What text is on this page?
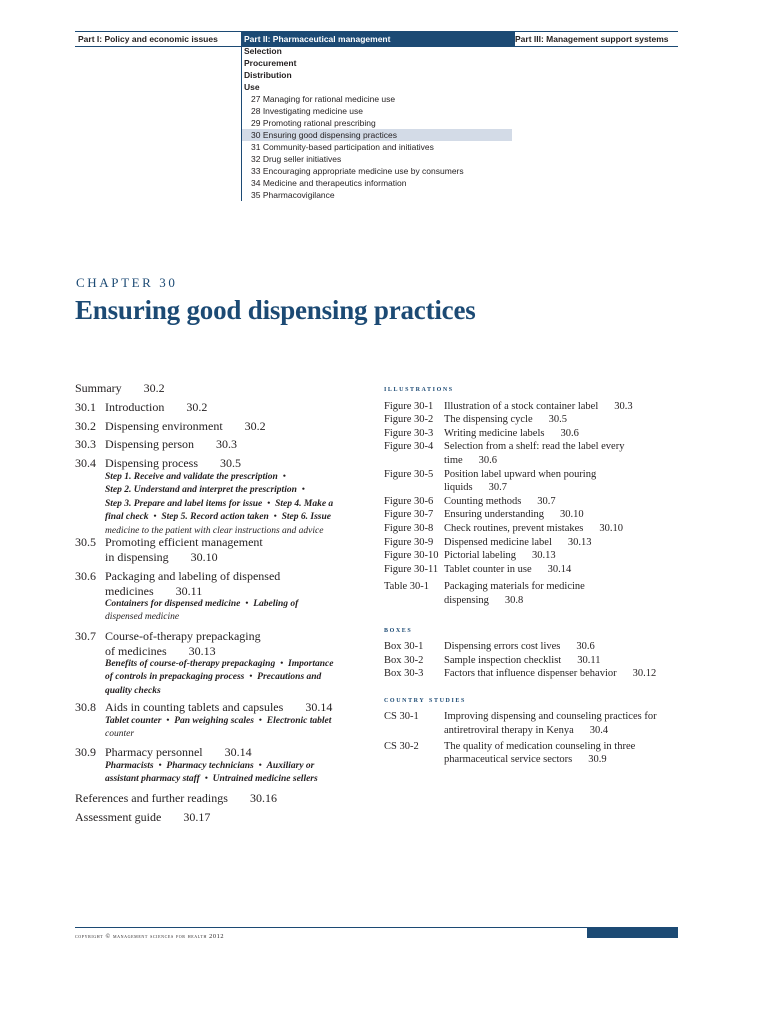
Part I: Policy and economic issues	Part II: Pharmaceutical management	Part III: Management support systems
Selection
Procurement
Distribution
Use
27 Managing for rational medicine use
28 Investigating medicine use
29 Promoting rational prescribing
30 Ensuring good dispensing practices
31 Community-based participation and initiatives
32 Drug seller initiatives
33 Encouraging appropriate medicine use by consumers
34 Medicine and therapeutics information
35 Pharmacovigilance
CHAPTER 30
Ensuring good dispensing practices
Summary 30.2
30.1 Introduction 30.2
30.2 Dispensing environment 30.2
30.3 Dispensing person 30.3
30.4 Dispensing process 30.5
Step 1. Receive and validate the prescription  •
Step 2. Understand and interpret the prescription  •
Step 3. Prepare and label items for issue  •  Step 4. Make a
final check  •  Step 5. Record action taken  •  Step 6. Issue
medicine to the patient with clear instructions and advice
30.5 Promoting efficient management
in dispensing 30.10
30.6 Packaging and labeling of dispensed
medicines 30.11
Containers for dispensed medicine  •  Labeling of
dispensed medicine
30.7 Course-of-therapy prepackaging
of medicines 30.13
Benefits of course-of-therapy prepackaging  •  Importance
of controls in prepackaging process  •  Precautions and
quality checks
30.8 Aids in counting tablets and capsules 30.14
Tablet counter  •  Pan weighing scales  •  Electronic tablet
counter
30.9 Pharmacy personnel 30.14
Pharmacists  •  Pharmacy technicians  •  Auxiliary or
assistant pharmacy staff  •  Untrained medicine sellers
References and further readings 30.16
Assessment guide 30.17
illustrations
Figure 30-1	Illustration of a stock container label 30.3
Figure 30-2	The dispensing cycle 30.5
Figure 30-3	Writing medicine labels 30.6
Figure 30-4	Selection from a shelf: read the label every time 30.6
Figure 30-5	Position label upward when pouring liquids 30.7
Figure 30-6	Counting methods 30.7
Figure 30-7	Ensuring understanding 30.10
Figure 30-8	Check routines, prevent mistakes 30.10
Figure 30-9	Dispensed medicine label 30.13
Figure 30-10 Pictorial labeling 30.13
Figure 30-11 Tablet counter in use 30.14
Table 30-1	Packaging materials for medicine dispensing 30.8
boxes
Box 30-1	Dispensing errors cost lives 30.6
Box 30-2	Sample inspection checklist 30.11
Box 30-3	Factors that influence dispenser behavior 30.12
country studies
CS 30-1	Improving dispensing and counseling practices for antiretroviral therapy in Kenya 30.4
CS 30-2	The quality of medication counseling in three pharmaceutical service sectors 30.9
copyright © management sciences for health 2012
